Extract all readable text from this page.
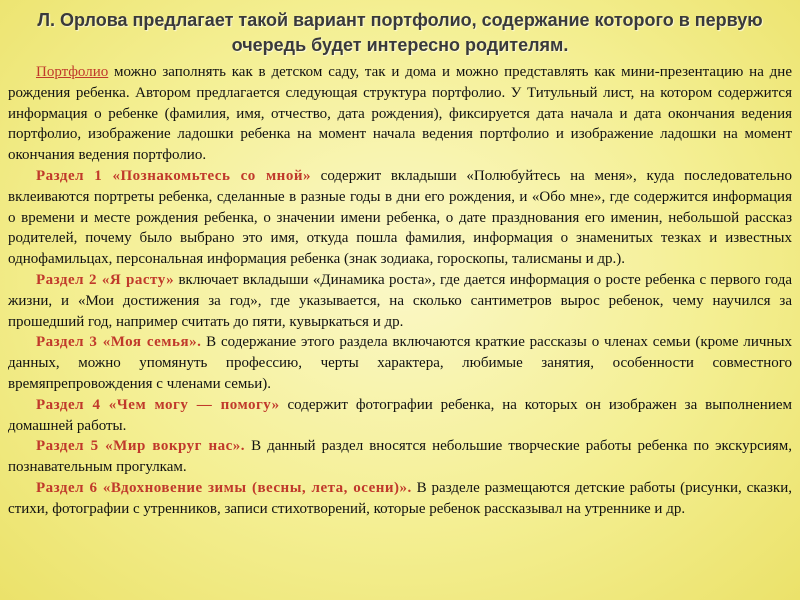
Л. Орлова предлагает такой вариант портфолио, содержание которого в первую очередь будет интересно родителям.

Портфолио можно заполнять как в детском саду, так и дома и можно представлять как мини-презентацию на дне рождения ребенка. Автором предлагается следующая структура портфолио. У Титульный лист, на котором содержится информация о ребенке (фамилия, имя, отчество, дата рождения), фиксируется дата начала и дата окончания ведения портфолио, изображение ладошки ребенка на момент начала ведения портфолио и изображение ладошки на момент окончания ведения портфолио.

Раздел 1 «Познакомьтесь со мной» содержит вкладыши «Полюбуйтесь на меня», куда последовательно вклеиваются портреты ребенка, сделанные в разные годы в дни его рождения, и «Обо мне», где содержится информация о времени и месте рождения ребенка, о значении имени ребенка, о дате празднования его именин, небольшой рассказ родителей, почему было выбрано это имя, откуда пошла фамилия, информация о знаменитых тезках и известных однофамильцах, персональная информация ребенка (знак зодиака, гороскопы, талисманы и др.).

Раздел 2 «Я расту» включает вкладыши «Динамика роста», где дается информация о росте ребенка с первого года жизни, и «Мои достижения за год», где указывается, на сколько сантиметров вырос ребенок, чему научился за прошедший год, например считать до пяти, кувыркаться и др.

Раздел 3 «Моя семья». В содержание этого раздела включаются краткие рассказы о членах семьи (кроме личных данных, можно упомянуть профессию, черты характера, любимые занятия, особенности совместного времяпрепровождения с членами семьи).

Раздел 4 «Чем могу — помогу» содержит фотографии ребенка, на которых он изображен за выполнением домашней работы.

Раздел 5 «Мир вокруг нас». В данный раздел вносятся небольшие творческие работы ребенка по экскурсиям, познавательным прогулкам.

Раздел 6 «Вдохновение зимы (весны, лета, осени)». В разделе размещаются детские работы (рисунки, сказки, стихи, фотографии с утренников, записи стихотворений, которые ребенок рассказывал на утреннике и др.
